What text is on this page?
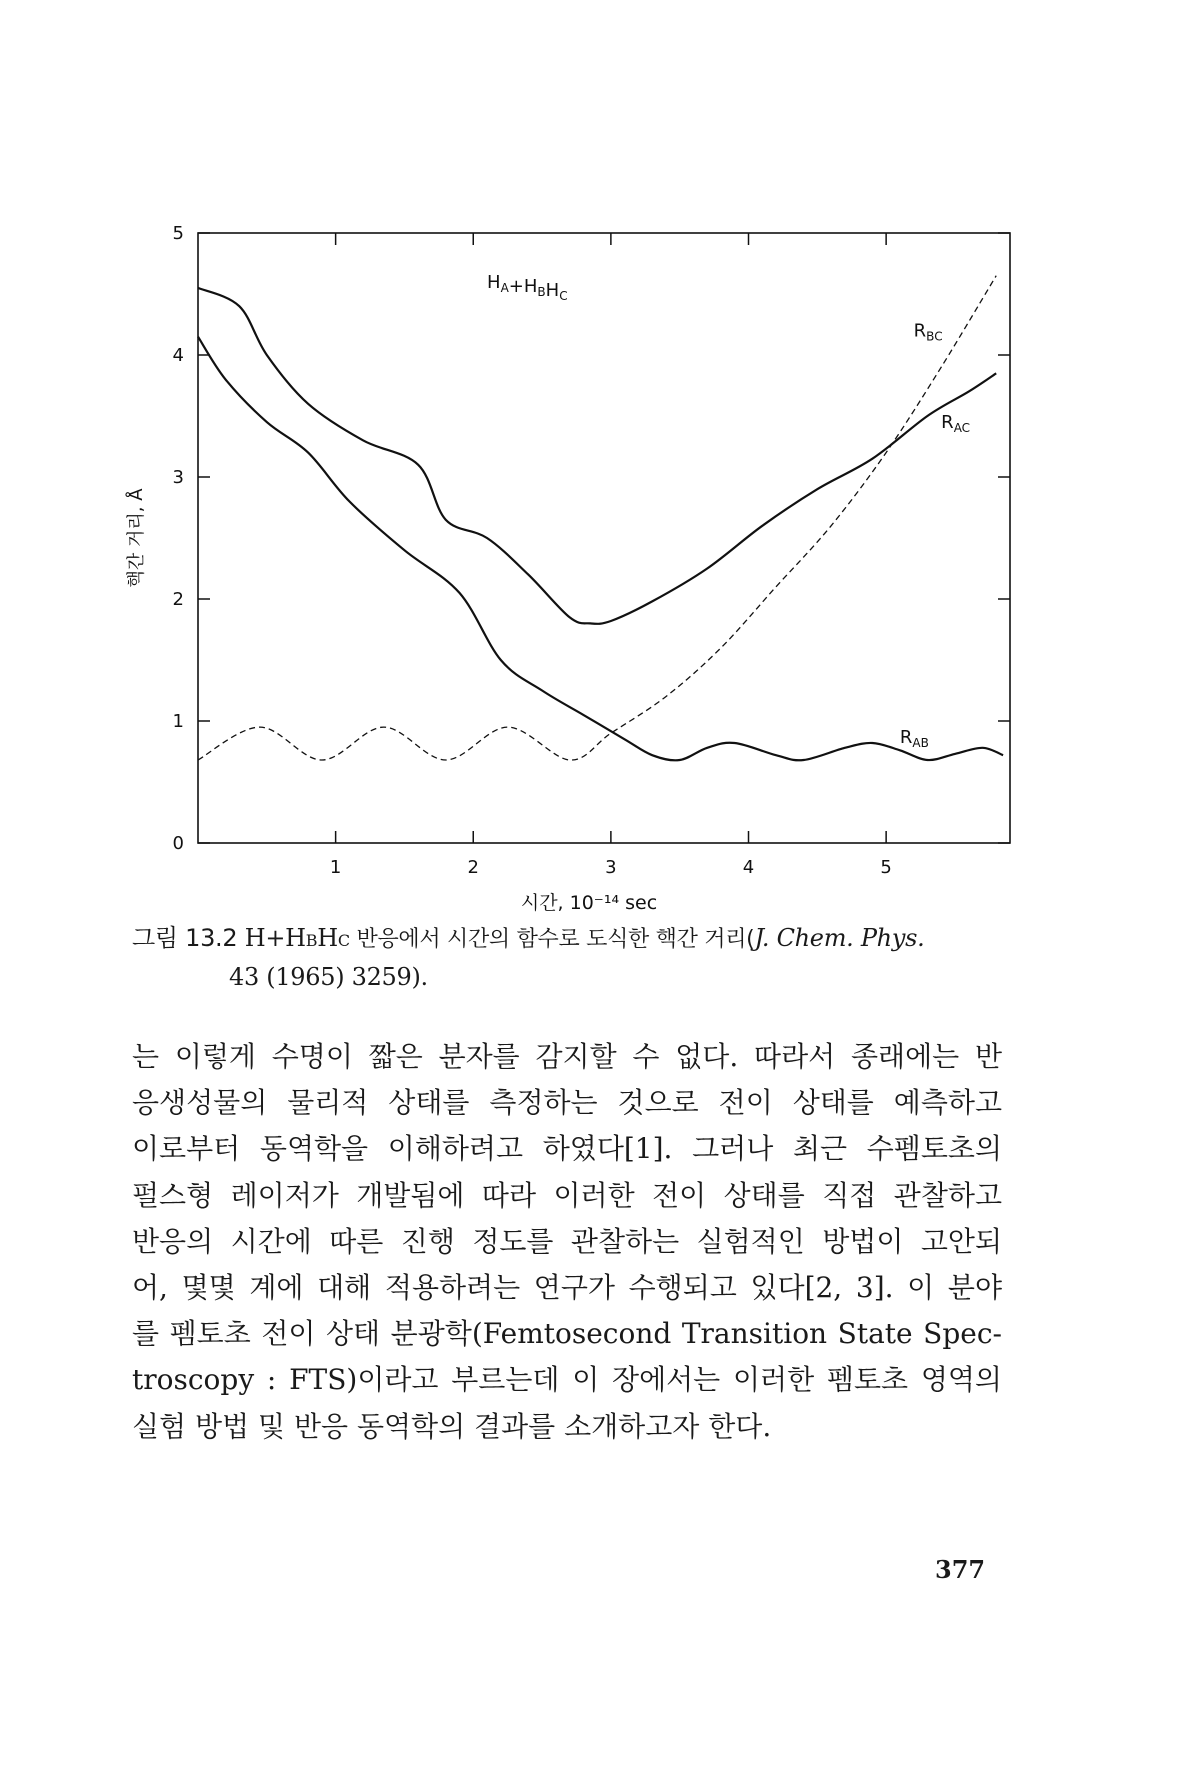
1	2	3	4	5
0
1
2
3
4
5
시간, 10⁻¹⁴ sec
핵간 거리, Å
$R_{BC}$
$R_{AC}$
$R_{AB}$
$H_A+H_BH_C$
그림 13.2 H+HBHC 반응에서 시간의 함수로 도식한 핵간 거리(J. Chem. Phys.
43 (1965) 3259).
는 이렇게 수명이 짧은 분자를 감지할 수 없다. 따라서 종래에는 반
응생성물의 물리적 상태를 측정하는 것으로 전이 상태를 예측하고
이로부터 동역학을 이해하려고 하였다[1]. 그러나 최근 수펨토초의
펄스형 레이저가 개발됨에 따라 이러한 전이 상태를 직접 관찰하고
반응의 시간에 따른 진행 정도를 관찰하는 실험적인 방법이 고안되
어, 몇몇 계에 대해 적용하려는 연구가 수행되고 있다[2, 3]. 이 분야
를 펨토초 전이 상태 분광학(Femtosecond Transition State Spec-
troscopy : FTS)이라고 부르는데 이 장에서는 이러한 펨토초 영역의
실험 방법 및 반응 동역학의 결과를 소개하고자 한다.
377
